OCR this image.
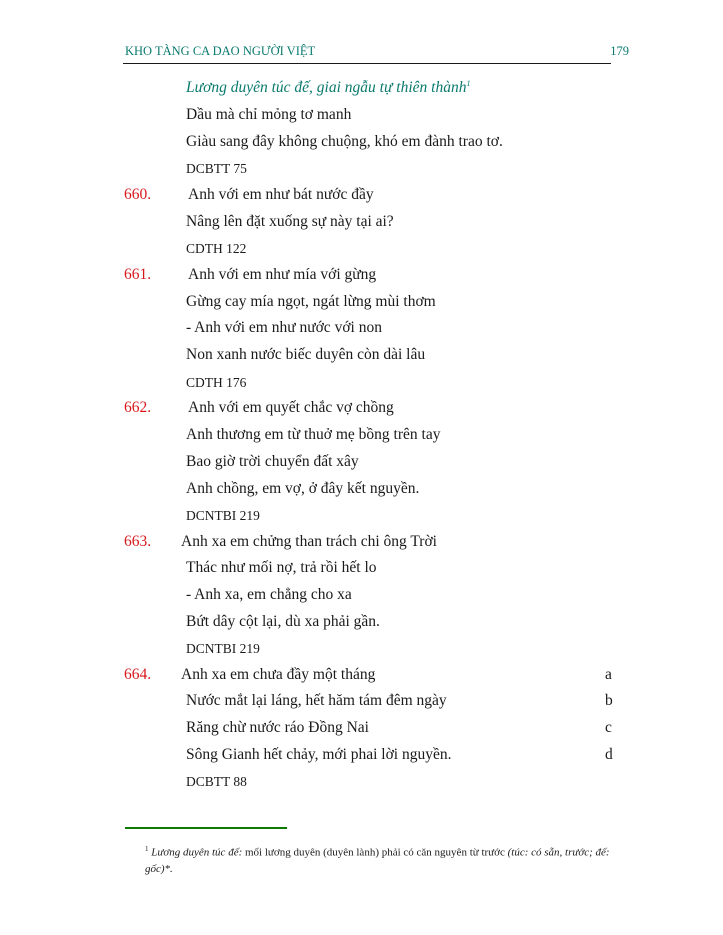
KHO TÀNG CA DAO NGƯỜI VIỆT	179
Lương duyên túc đế, giai ngẫu tự thiên thành$^1$
Dầu mà chỉ mỏng tơ manh
Giàu sang đây không chuộng, khó em đành trao tơ.
DCBTT 75
660. Anh với em như bát nước đầy
Nâng lên đặt xuống sự này tại ai?
CDTH 122
661. Anh với em như mía với gừng
Gừng cay mía ngọt, ngát lừng mùi thơm
- Anh với em như nước với non
Non xanh nước biếc duyên còn dài lâu
CDTH 176
662. Anh với em quyết chắc vợ chồng
Anh thương em từ thuở mẹ bồng trên tay
Bao giờ trời chuyển đất xây
Anh chồng, em vợ, ở đây kết nguyền.
DCNTBI 219
663. Anh xa em chửng than trách chi ông Trời
Thác như mối nợ, trả rồi hết lo
- Anh xa, em chẳng cho xa
Bứt dây cột lại, dù xa phải gần.
DCNTBI 219
664. Anh xa em chưa đầy một tháng	a
Nước mắt lại láng, hết hăm tám đêm ngày	b
Răng chừ nước ráo Đồng Nai	c
Sông Gianh hết chảy, mới phai lời nguyền.	d
DCBTT 88
$^1$ Lương duyên túc đế: mối lương duyên (duyên lành) phải có căn nguyên từ trước (túc: có sẵn, trước; đế: gốc)*.
